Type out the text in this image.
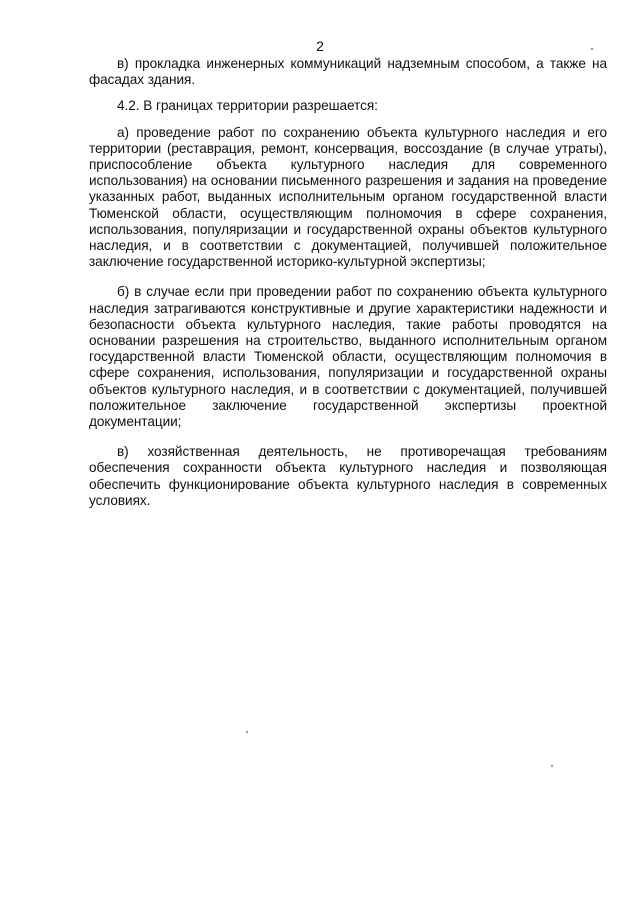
2

в) прокладка инженерных коммуникаций надземным способом, а также на фасадах здания.

4.2. В границах территории разрешается:

а) проведение работ по сохранению объекта культурного наследия и его территории (реставрация, ремонт, консервация, воссоздание (в случае утраты), приспособление объекта культурного наследия для современного использования) на основании письменного разрешения и задания на проведение указанных работ, выданных исполнительным органом государственной власти Тюменской области, осуществляющим полномочия в сфере сохранения, использования, популяризации и государственной охраны объектов культурного наследия, и в соответствии с документацией, получившей положительное заключение государственной историко-культурной экспертизы;

б) в случае если при проведении работ по сохранению объекта культурного наследия затрагиваются конструктивные и другие характеристики надежности и безопасности объекта культурного наследия, такие работы проводятся на основании разрешения на строительство, выданного исполнительным органом государственной власти Тюменской области, осуществляющим полномочия в сфере сохранения, использования, популяризации и государственной охраны объектов культурного наследия, и в соответствии с документацией, получившей положительное заключение государственной экспертизы проектной документации;

в) хозяйственная деятельность, не противоречащая требованиям обеспечения сохранности объекта культурного наследия и позволяющая обеспечить функционирование объекта культурного наследия в современных условиях.
